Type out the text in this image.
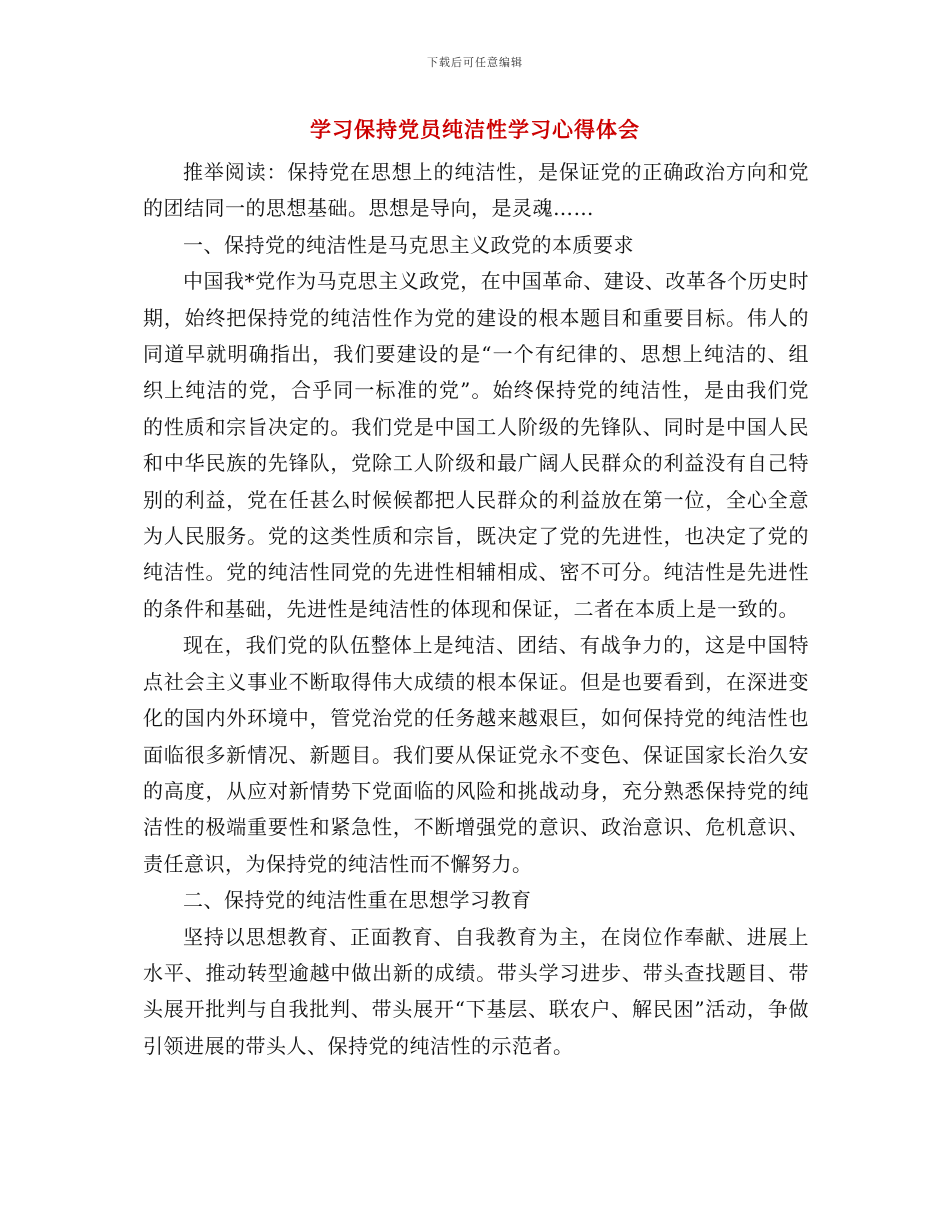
下载后可任意编辑
学习保持党员纯洁性学习心得体会

推举阅读：保持党在思想上的纯洁性，是保证党的正确政治方向和党的团结同一的思想基础。思想是导向，是灵魂……

一、保持党的纯洁性是马克思主义政党的本质要求

中国我*党作为马克思主义政党，在中国革命、建设、改革各个历史时期，始终把保持党的纯洁性作为党的建设的根本题目和重要目标。伟人的同道早就明确指出，我们要建设的是“一个有纪律的、思想上纯洁的、组织上纯洁的党，合乎同一标准的党”。始终保持党的纯洁性，是由我们党的性质和宗旨决定的。我们党是中国工人阶级的先锋队、同时是中国人民和中华民族的先锋队，党除工人阶级和最广阔人民群众的利益没有自己特别的利益，党在任甚么时候候都把人民群众的利益放在第一位，全心全意为人民服务。党的这类性质和宗旨，既决定了党的先进性，也决定了党的纯洁性。党的纯洁性同党的先进性相辅相成、密不可分。纯洁性是先进性的条件和基础，先进性是纯洁性的体现和保证，二者在本质上是一致的。

现在，我们党的队伍整体上是纯洁、团结、有战争力的，这是中国特点社会主义事业不断取得伟大成绩的根本保证。但是也要看到，在深进变化的国内外环境中，管党治党的任务越来越艰巨，如何保持党的纯洁性也面临很多新情况、新题目。我们要从保证党永不变色、保证国家长治久安的高度，从应对新情势下党面临的风险和挑战动身，充分熟悉保持党的纯洁性的极端重要性和紧急性，不断增强党的意识、政治意识、危机意识、责任意识，为保持党的纯洁性而不懈努力。

二、保持党的纯洁性重在思想学习教育

坚持以思想教育、正面教育、自我教育为主，在岗位作奉献、进展上水平、推动转型逾越中做出新的成绩。带头学习进步、带头查找题目、带头展开批判与自我批判、带头展开“下基层、联农户、解民困”活动，争做引领进展的带头人、保持党的纯洁性的示范者。
